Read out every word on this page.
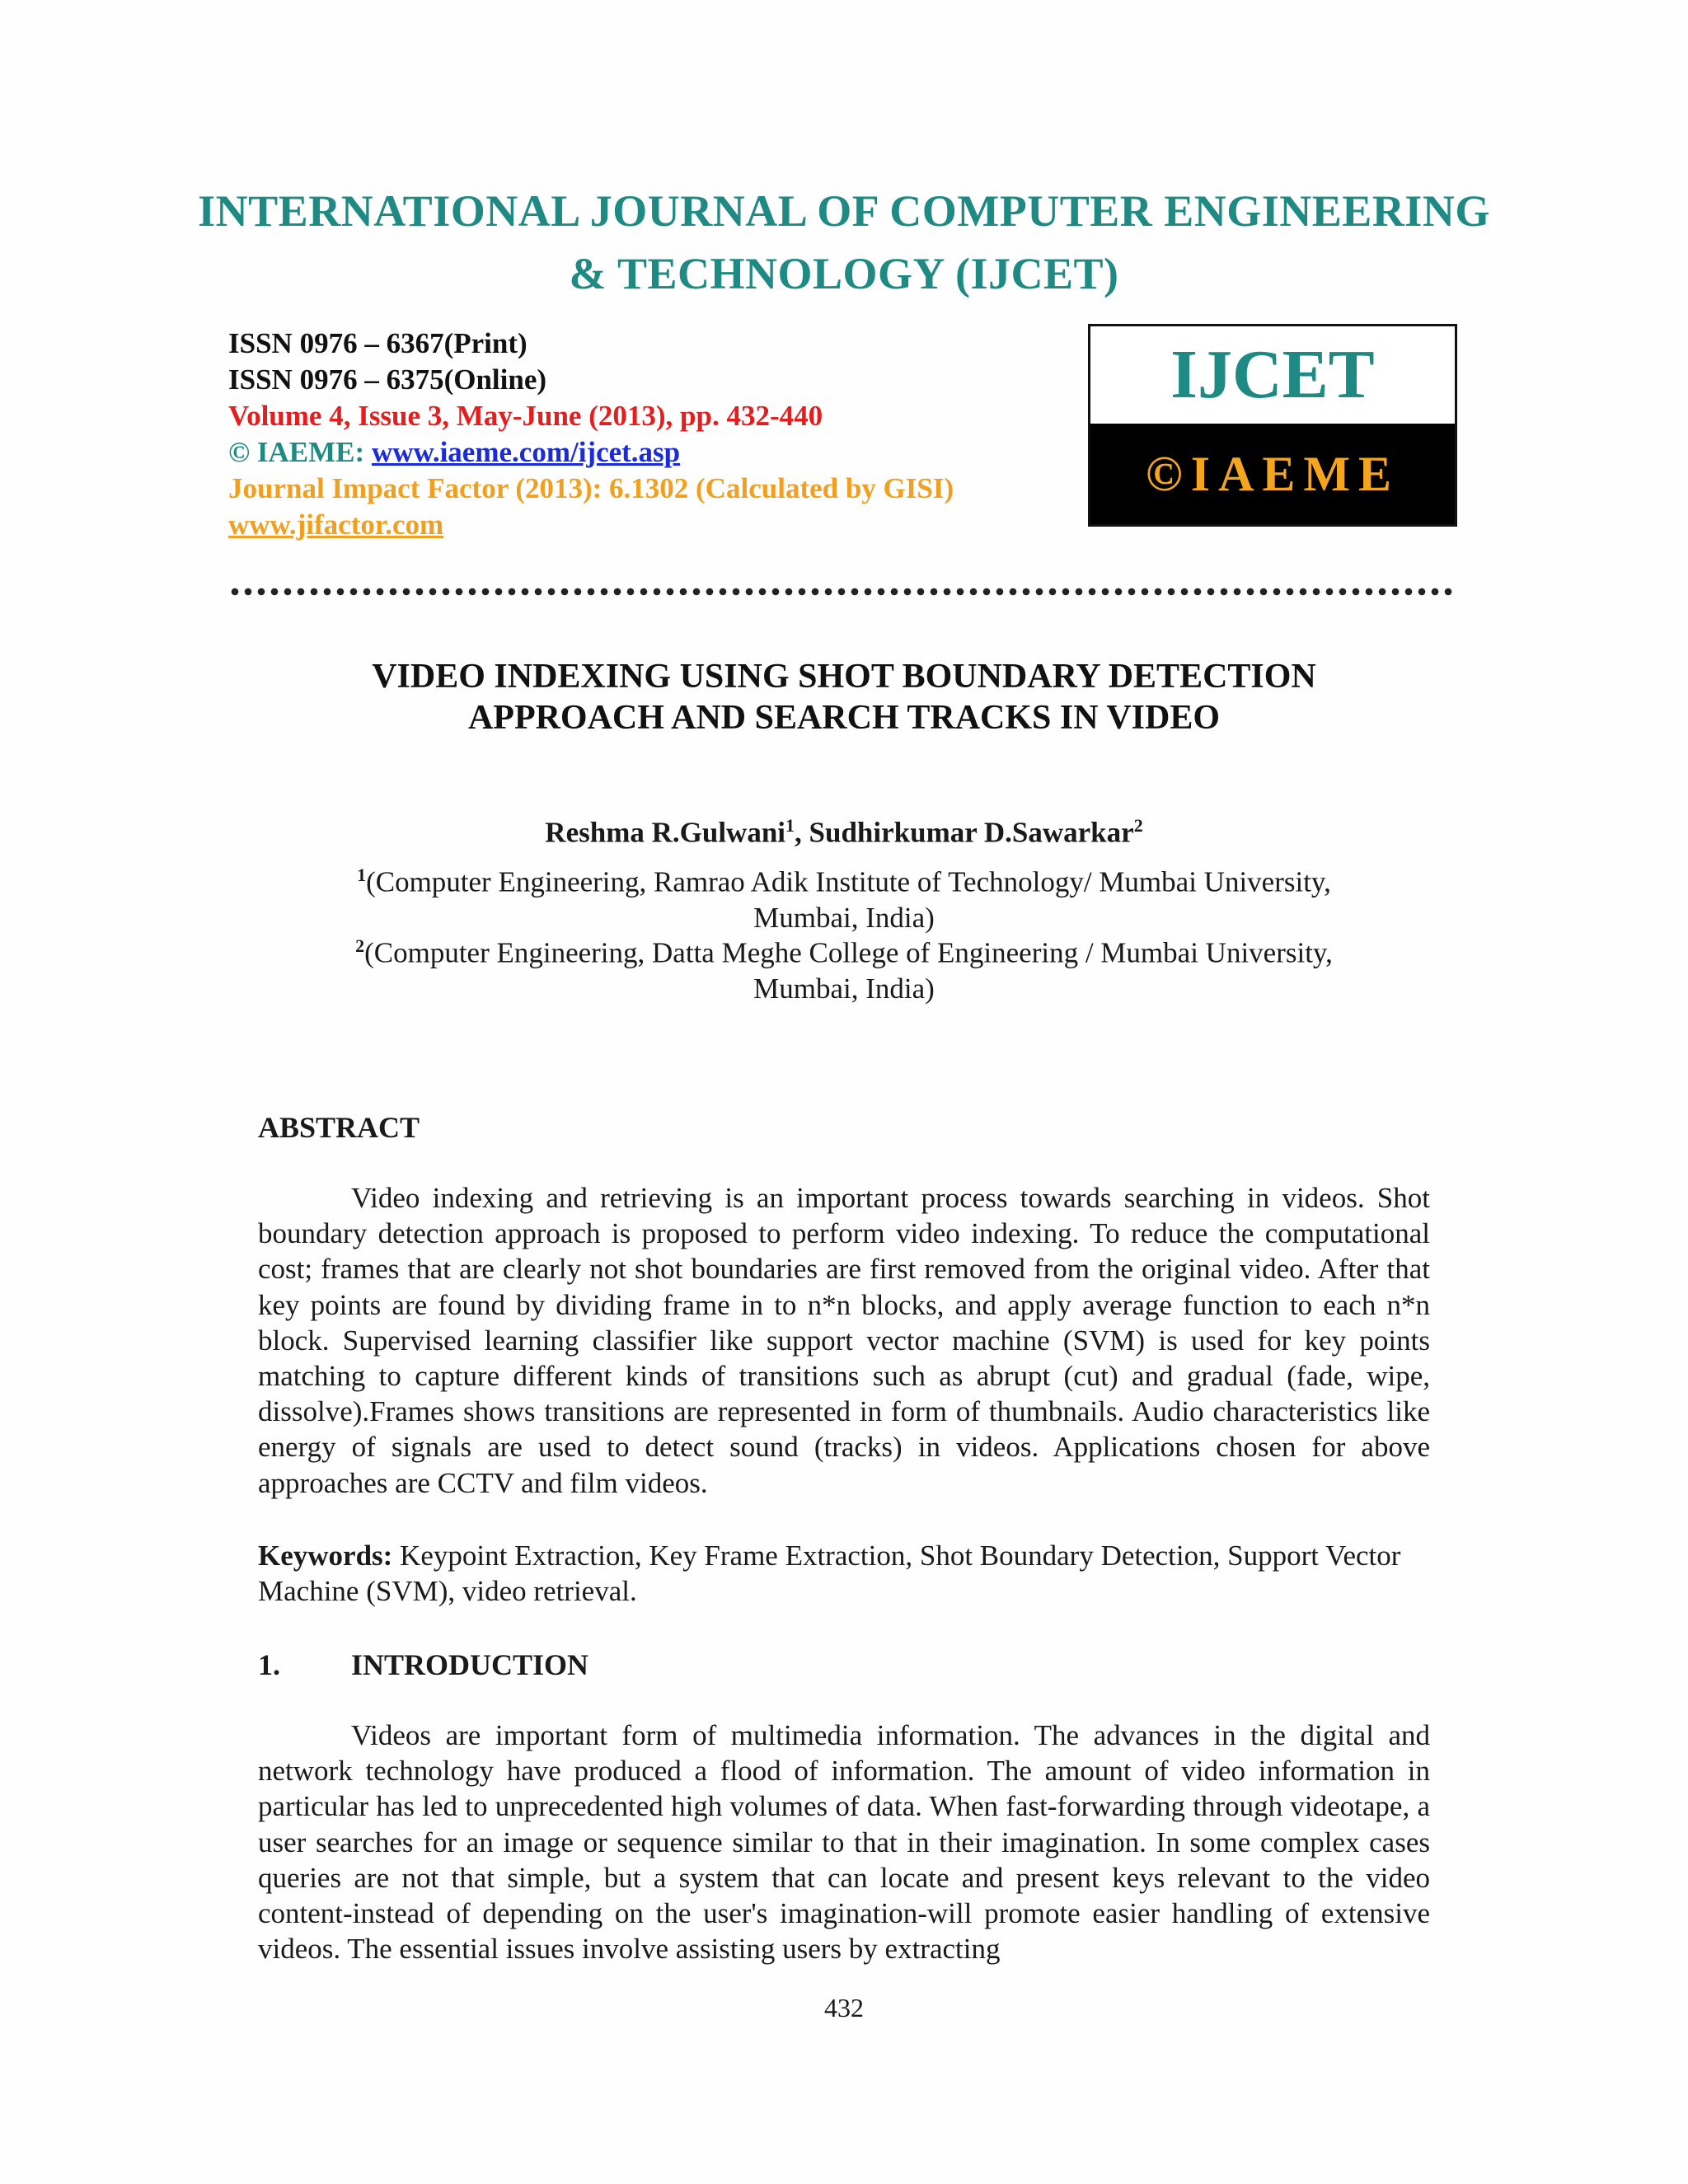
INTERNATIONAL JOURNAL OF COMPUTER ENGINEERING
& TECHNOLOGY (IJCET)
ISSN 0976 – 6367(Print)
ISSN 0976 – 6375(Online)
Volume 4, Issue 3, May-June (2013), pp. 432-440
© IAEME: www.iaeme.com/ijcet.asp
Journal Impact Factor (2013): 6.1302 (Calculated by GISI)
www.jifactor.com
IJCET
©IAEME
VIDEO INDEXING USING SHOT BOUNDARY DETECTION
APPROACH AND SEARCH TRACKS IN VIDEO
Reshma R.Gulwani$^1$, Sudhirkumar D.Sawarkar$^2$
$^1$(Computer Engineering, Ramrao Adik Institute of Technology/ Mumbai University,
Mumbai, India)
$^2$(Computer Engineering, Datta Meghe College of Engineering / Mumbai University,
Mumbai, India)
ABSTRACT
Video indexing and retrieving is an important process towards searching in videos. Shot boundary detection approach is proposed to perform video indexing. To reduce the computational cost; frames that are clearly not shot boundaries are first removed from the original video. After that key points are found by dividing frame in to n*n blocks, and apply average function to each n*n block. Supervised learning classifier like support vector machine (SVM) is used for key points matching to capture different kinds of transitions such as abrupt (cut) and gradual (fade, wipe, dissolve).Frames shows transitions are represented in form of thumbnails. Audio characteristics like energy of signals are used to detect sound (tracks) in videos. Applications chosen for above approaches are CCTV and film videos.
Keywords: Keypoint Extraction, Key Frame Extraction, Shot Boundary Detection, Support Vector Machine (SVM), video retrieval.
1. INTRODUCTION
Videos are important form of multimedia information. The advances in the digital and network technology have produced a flood of information. The amount of video information in particular has led to unprecedented high volumes of data. When fast-forwarding through videotape, a user searches for an image or sequence similar to that in their imagination. In some complex cases queries are not that simple, but a system that can locate and present keys relevant to the video content-instead of depending on the user's imagination-will promote easier handling of extensive videos. The essential issues involve assisting users by extracting
432
